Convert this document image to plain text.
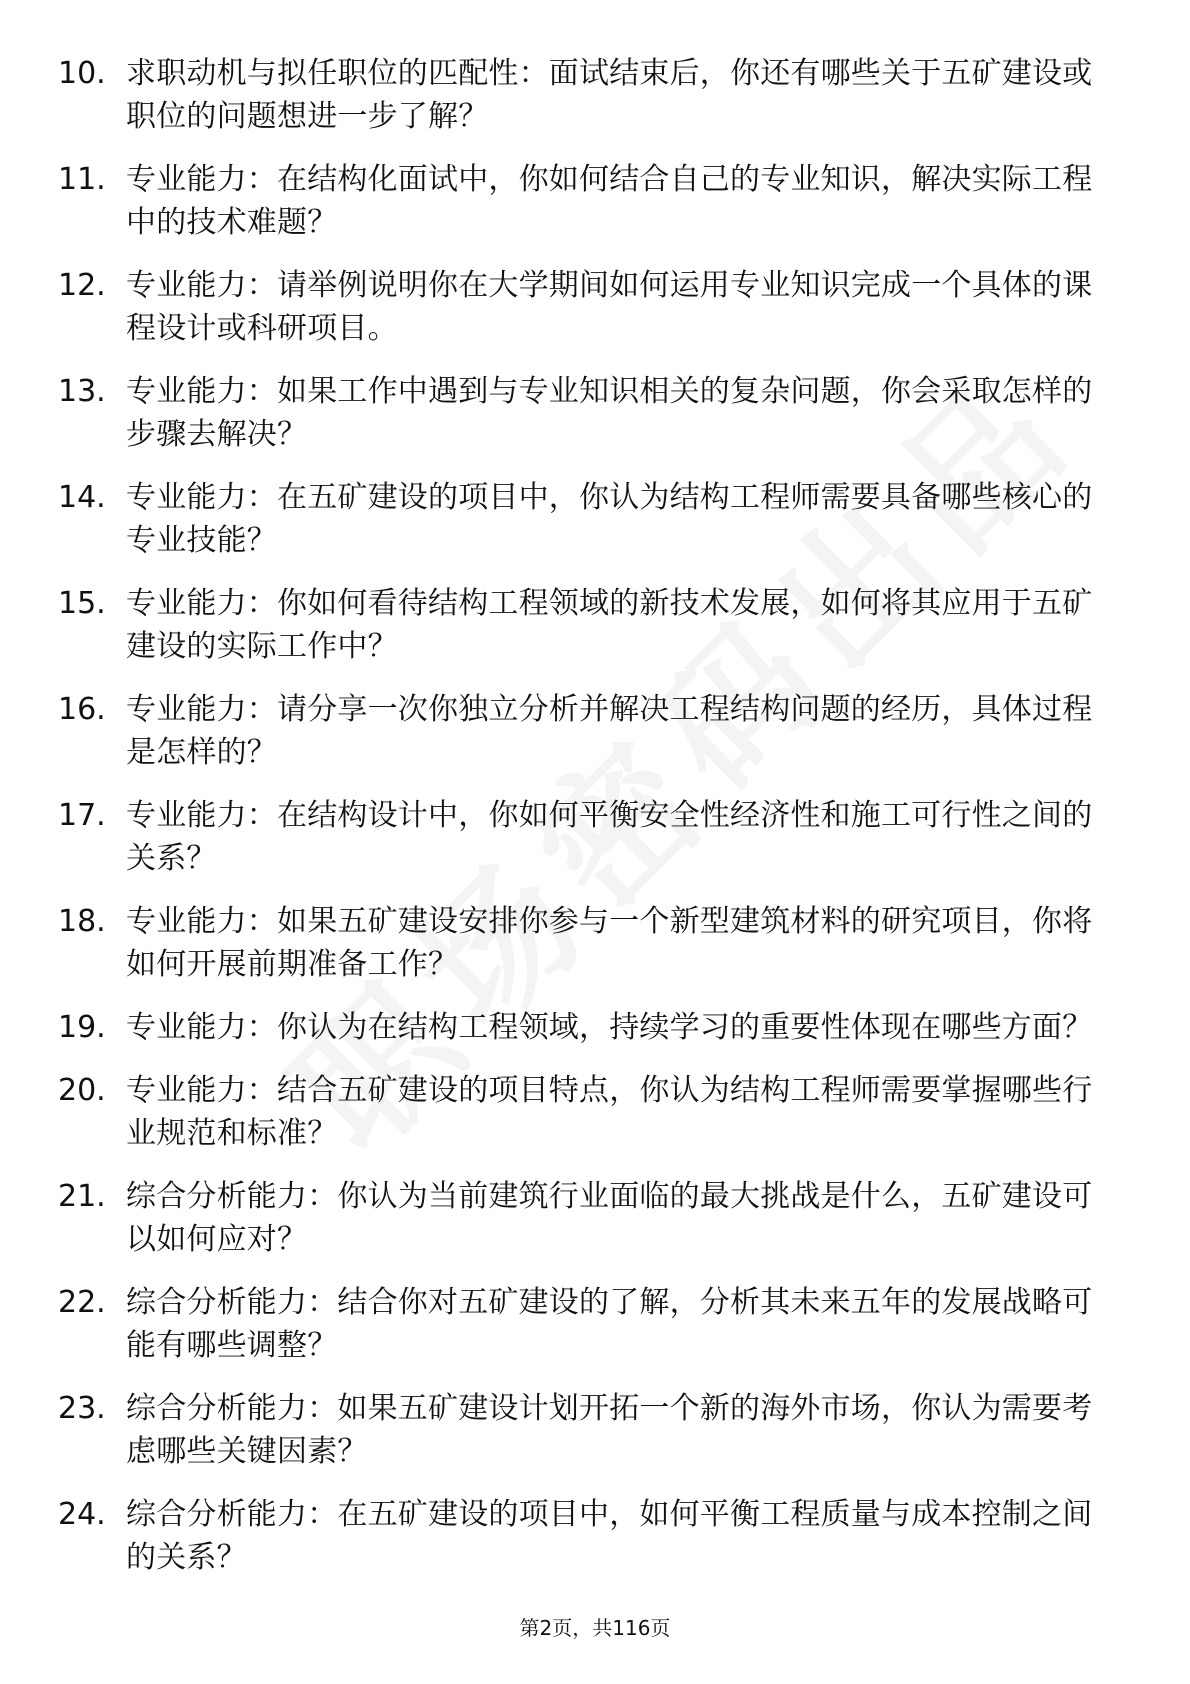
10. 求职动机与拟任职位的匹配性：面试结束后，你还有哪些关于五矿建设或职位的问题想进一步了解？
11. 专业能力：在结构化面试中，你如何结合自己的专业知识，解决实际工程中的技术难题？
12. 专业能力：请举例说明你在大学期间如何运用专业知识完成一个具体的课程设计或科研项目。
13. 专业能力：如果工作中遇到与专业知识相关的复杂问题，你会采取怎样的步骤去解决？
14. 专业能力：在五矿建设的项目中，你认为结构工程师需要具备哪些核心的专业技能？
15. 专业能力：你如何看待结构工程领域的新技术发展，如何将其应用于五矿建设的实际工作中？
16. 专业能力：请分享一次你独立分析并解决工程结构问题的经历，具体过程是怎样的？
17. 专业能力：在结构设计中，你如何平衡安全性经济性和施工可行性之间的关系？
18. 专业能力：如果五矿建设安排你参与一个新型建筑材料的研究项目，你将如何开展前期准备工作？
19. 专业能力：你认为在结构工程领域，持续学习的重要性体现在哪些方面？
20. 专业能力：结合五矿建设的项目特点，你认为结构工程师需要掌握哪些行业规范和标准？
21. 综合分析能力：你认为当前建筑行业面临的最大挑战是什么，五矿建设可以如何应对？
22. 综合分析能力：结合你对五矿建设的了解，分析其未来五年的发展战略可能有哪些调整？
23. 综合分析能力：如果五矿建设计划开拓一个新的海外市场，你认为需要考虑哪些关键因素？
24. 综合分析能力：在五矿建设的项目中，如何平衡工程质量与成本控制之间的关系？
第2页，共116页
